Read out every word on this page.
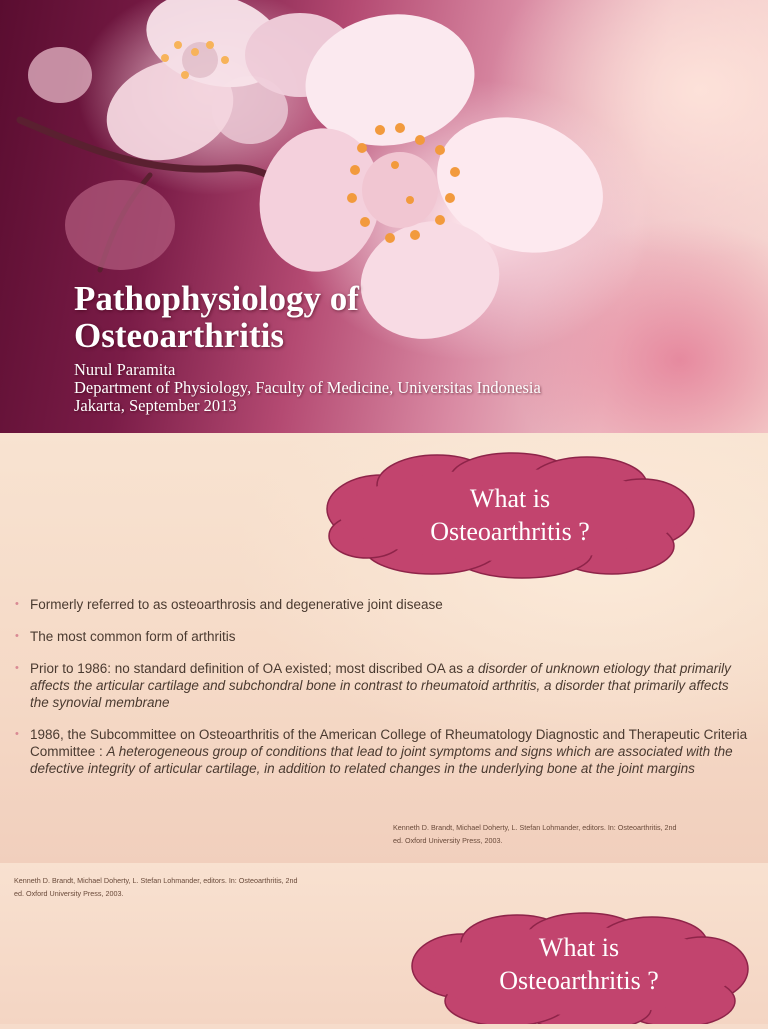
Pathophysiology of
Osteoarthritis
Nurul Paramita
Department of Physiology, Faculty of Medicine, Universitas Indonesia
Jakarta, September 2013
What is
Osteoarthritis ?
• Formerly referred to as osteoarthrosis and degenerative joint disease
• The most common form of arthritis
• Prior to 1986: no standard definition of OA existed; most discribed OA as a disorder of unknown etiology that primarily affects the articular cartilage and subchondral bone in contrast to rheumatoid arthritis, a disorder that primarily affects the synovial membrane
• 1986, the Subcommittee on Osteoarthritis of the American College of Rheumatology Diagnostic and Therapeutic Criteria Committee : A heterogeneous group of conditions that lead to joint symptoms and signs which are associated with the defective integrity of articular cartilage, in addition to related changes in the underlying bone at the joint margins
Kenneth D. Brandt, Michael Doherty, L. Stefan Lohmander, editors. In: Osteoarthritis, 2nd
ed. Oxford University Press, 2003.
Kenneth D. Brandt, Michael Doherty, L. Stefan Lohmander, editors. In: Osteoarthritis, 2nd
ed. Oxford University Press, 2003.
What is
Osteoarthritis ?
